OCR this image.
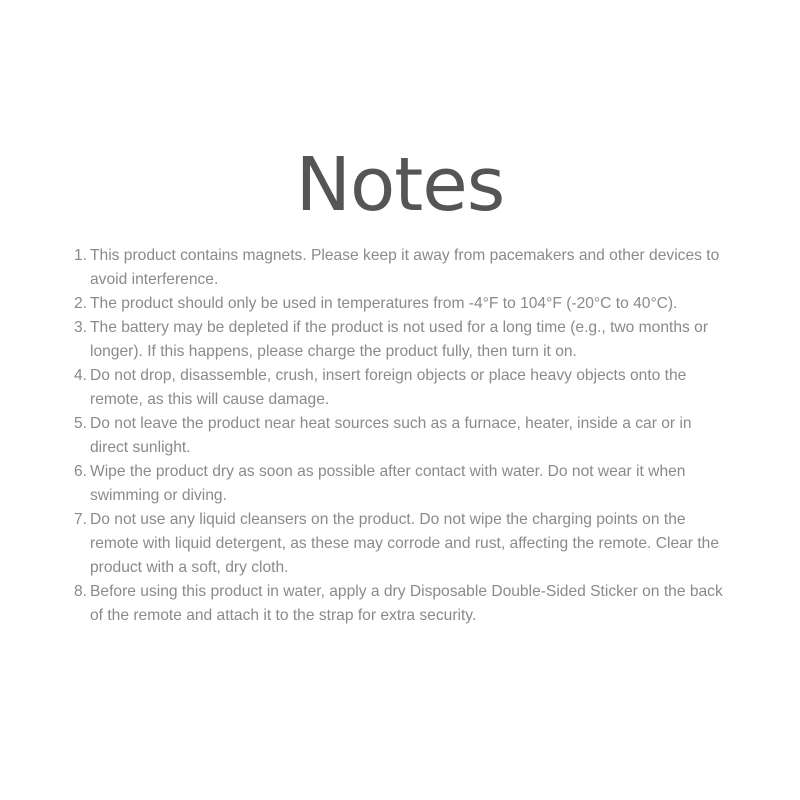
Notes
1. This product contains magnets. Please keep it away from pacemakers and other devices to avoid interference.
2. The product should only be used in temperatures from -4°F to 104°F (-20°C to 40°C).
3. The battery may be depleted if the product is not used for a long time (e.g., two months or longer). If this happens, please charge the product fully, then turn it on.
4. Do not drop, disassemble, crush, insert foreign objects or place heavy objects onto the remote, as this will cause damage.
5. Do not leave the product near heat sources such as a furnace, heater, inside a car or in direct sunlight.
6. Wipe the product dry as soon as possible after contact with water. Do not wear it when swimming or diving.
7. Do not use any liquid cleansers on the product. Do not wipe the charging points on the remote with liquid detergent, as these may corrode and rust, affecting the remote. Clear the product with a soft, dry cloth.
8. Before using this product in water, apply a dry Disposable Double-Sided Sticker on the back of the remote and attach it to the strap for extra security.
